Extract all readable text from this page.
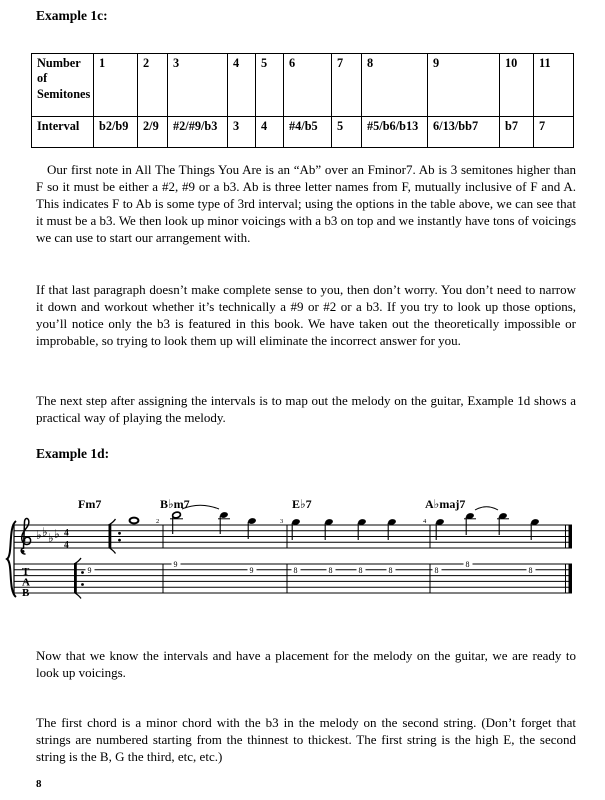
Example 1c:
Number of Semitones	1	2	3	4	5	6	7	8	9	10	11
Interval	b2/b9	2/9	#2/#9/b3	3	4	#4/b5	5	#5/b6/b13	6/13/bb7	b7	7
Our first note in All The Things You Are is an “Ab” over an Fminor7. Ab is 3 semitones higher than F so it must be either a #2, #9 or a b3. Ab is three letter names from F, mutually inclusive of F and A. This indicates F to Ab is some type of 3rd interval; using the options in the table above, we can see that it must be a b3. We then look up minor voicings with a b3 on top and we instantly have tons of voicings we can use to start our arrangement with.
If that last paragraph doesn’t make complete sense to you, then don’t worry. You don’t need to narrow it down and workout whether it’s technically a #9 or #2 or a b3. If you try to look up those options, you’ll notice only the b3 is featured in this book. We have taken out the theoretically impossible or improbable, so trying to look them up will eliminate the incorrect answer for you.
The next step after assigning the intervals is to map out the melody on the guitar, Example 1d shows a practical way of playing the melody.
Example 1d:
Fm7	B♭m7	E♭7	A♭maj7
♭ ♭ ♭ ♭ 4
4
2	3	4
T
A
B
9
9
9	8	8	8	8	8
8
8
Now that we know the intervals and have a placement for the melody on the guitar, we are ready to look up voicings.
The first chord is a minor chord with the b3 in the melody on the second string. (Don’t forget that strings are numbered starting from the thinnest to thickest. The first string is the high E, the second string is the B, G the third, etc, etc.)
8
